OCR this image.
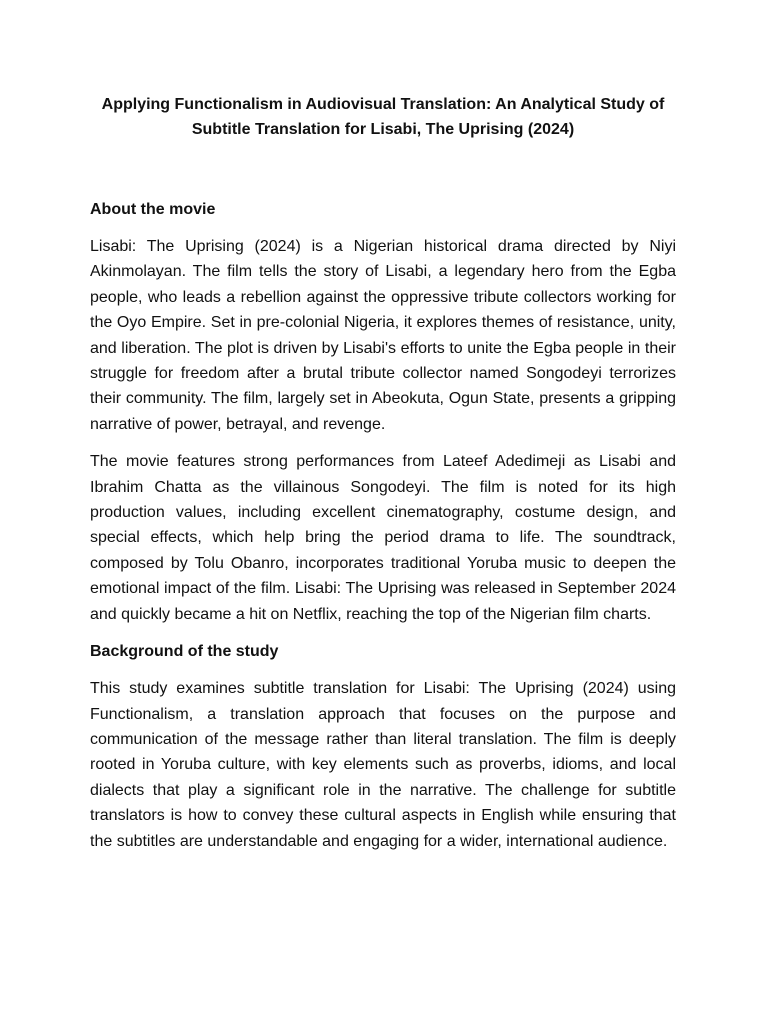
Applying Functionalism in Audiovisual Translation: An Analytical Study of Subtitle Translation for Lisabi, The Uprising (2024)
About the movie

Lisabi: The Uprising (2024) is a Nigerian historical drama directed by Niyi Akinmolayan. The film tells the story of Lisabi, a legendary hero from the Egba people, who leads a rebellion against the oppressive tribute collectors working for the Oyo Empire. Set in pre-colonial Nigeria, it explores themes of resistance, unity, and liberation. The plot is driven by Lisabi's efforts to unite the Egba people in their struggle for freedom after a brutal tribute collector named Songodeyi terrorizes their community. The film, largely set in Abeokuta, Ogun State, presents a gripping narrative of power, betrayal, and revenge.

The movie features strong performances from Lateef Adedimeji as Lisabi and Ibrahim Chatta as the villainous Songodeyi. The film is noted for its high production values, including excellent cinematography, costume design, and special effects, which help bring the period drama to life. The soundtrack, composed by Tolu Obanro, incorporates traditional Yoruba music to deepen the emotional impact of the film. Lisabi: The Uprising was released in September 2024 and quickly became a hit on Netflix, reaching the top of the Nigerian film charts.

Background of the study

This study examines subtitle translation for Lisabi: The Uprising (2024) using Functionalism, a translation approach that focuses on the purpose and communication of the message rather than literal translation. The film is deeply rooted in Yoruba culture, with key elements such as proverbs, idioms, and local dialects that play a significant role in the narrative. The challenge for subtitle translators is how to convey these cultural aspects in English while ensuring that the subtitles are understandable and engaging for a wider, international audience.
